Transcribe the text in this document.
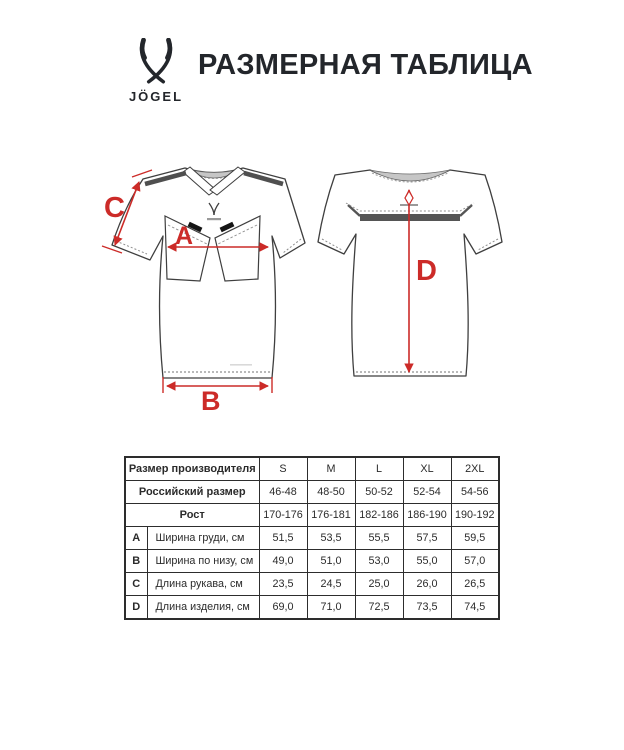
JÖGEL
РАЗМЕРНАЯ ТАБЛИЦА
A
B
C
D
Размер производителя		S	M	L	XL	2XL
Российский размер		46-48	48-50	50-52	52-54	54-56
Рост		170-176	176-181	182-186	186-190	190-192
A	Ширина груди, см	51,5	53,5	55,5	57,5	59,5
B	Ширина по низу, см	49,0	51,0	53,0	55,0	57,0
C	Длина рукава, см	23,5	24,5	25,0	26,0	26,5
D	Длина изделия, см	69,0	71,0	72,5	73,5	74,5
